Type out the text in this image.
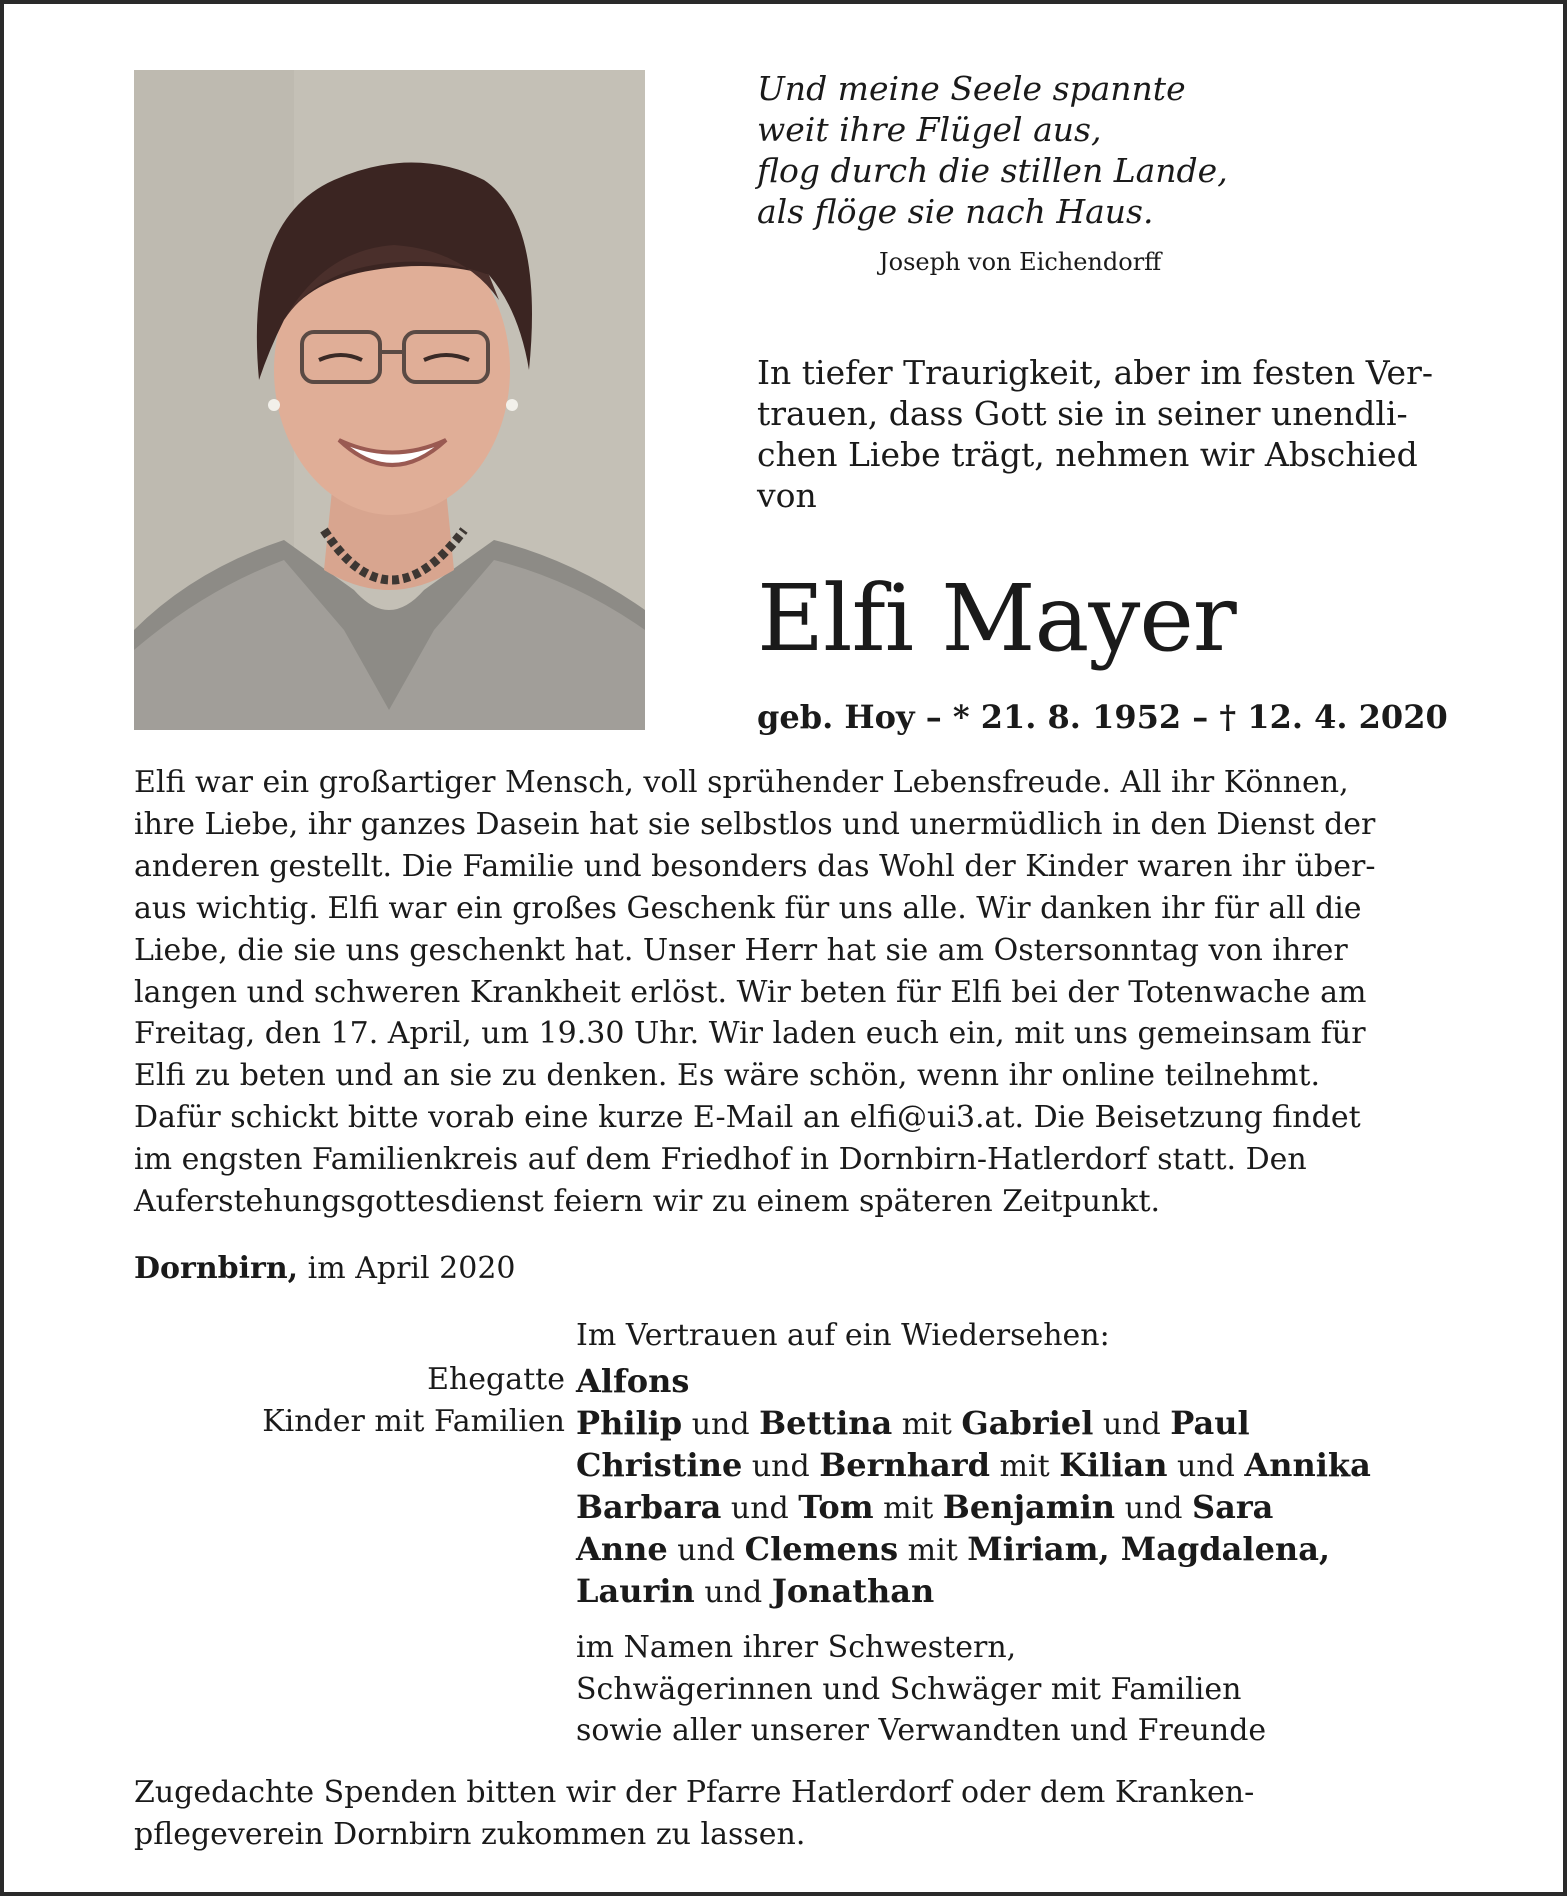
Und meine Seele spannte
weit ihre Flügel aus,
flog durch die stillen Lande,
als flöge sie nach Haus.
Joseph von Eichendorff
In tiefer Traurigkeit, aber im festen Ver-
trauen, dass Gott sie in seiner unendli-
chen Liebe trägt, nehmen wir Abschied
von
Elfi Mayer
geb. Hoy – * 21. 8. 1952 – † 12. 4. 2020
Elfi war ein großartiger Mensch, voll sprühender Lebensfreude. All ihr Können,
ihre Liebe, ihr ganzes Dasein hat sie selbstlos und unermüdlich in den Dienst der
anderen gestellt. Die Familie und besonders das Wohl der Kinder waren ihr über-
aus wichtig. Elfi war ein großes Geschenk für uns alle. Wir danken ihr für all die
Liebe, die sie uns geschenkt hat. Unser Herr hat sie am Ostersonntag von ihrer
langen und schweren Krankheit erlöst. Wir beten für Elfi bei der Totenwache am
Freitag, den 17. April, um 19.30 Uhr. Wir laden euch ein, mit uns gemeinsam für
Elfi zu beten und an sie zu denken. Es wäre schön, wenn ihr online teilnehmt.
Dafür schickt bitte vorab eine kurze E-Mail an elfi@ui3.at. Die Beisetzung findet
im engsten Familienkreis auf dem Friedhof in Dornbirn-Hatlerdorf statt. Den
Auferstehungsgottesdienst feiern wir zu einem späteren Zeitpunkt.
Dornbirn, im April 2020
Im Vertrauen auf ein Wiedersehen:
Ehegatte Alfons
Kinder mit Familien Philip und Bettina mit Gabriel und Paul
Christine und Bernhard mit Kilian und Annika
Barbara und Tom mit Benjamin und Sara
Anne und Clemens mit Miriam, Magdalena,
Laurin und Jonathan
im Namen ihrer Schwestern,
Schwägerinnen und Schwäger mit Familien
sowie aller unserer Verwandten und Freunde
Zugedachte Spenden bitten wir der Pfarre Hatlerdorf oder dem Kranken-
pflegeverein Dornbirn zukommen zu lassen.
